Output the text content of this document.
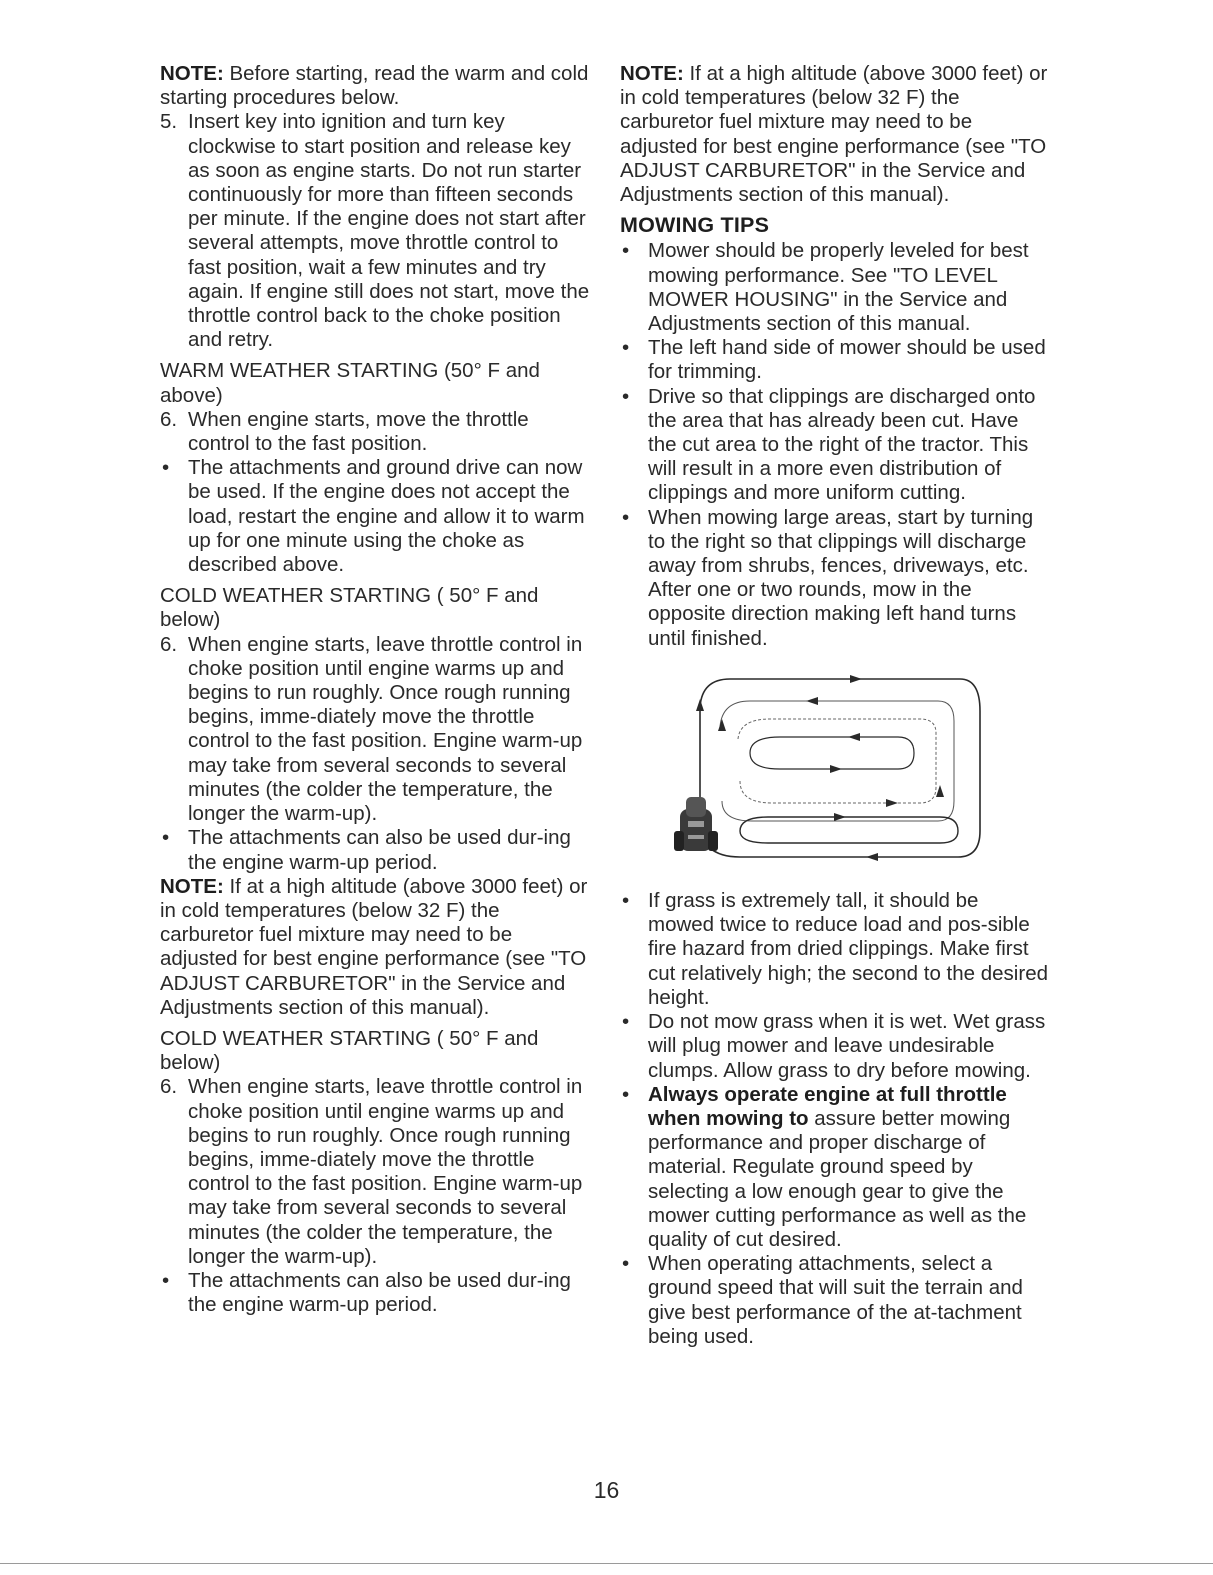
NOTE: Before starting, read the warm and cold starting procedures below.

5. Insert key into ignition and turn key clockwise to start position and release key as soon as engine starts. Do not run starter continuously for more than fifteen seconds per minute. If the engine does not start after several attempts, move throttle control to fast position, wait a few minutes and try again. If engine still does not start, move the throttle control back to the choke position and retry.

WARM WEATHER STARTING (50° F and above)

6. When engine starts, move the throttle control to the fast position.
• The attachments and ground drive can now be used. If the engine does not accept the load, restart the engine and allow it to warm up for one minute using the choke as described above.

COLD WEATHER STARTING ( 50° F and below)

6. When engine starts, leave throttle control in choke position until engine warms up and begins to run roughly. Once rough running begins, imme-diately move the throttle control to the fast position. Engine warm-up may take from several seconds to several minutes (the colder the temperature, the longer the warm-up).
• The attachments can also be used dur-ing the engine warm-up period.

NOTE: If at a high altitude (above 3000 feet) or in cold temperatures (below 32 F) the carburetor fuel mixture may need to be adjusted for best engine performance (see "TO ADJUST CARBURETOR" in the Service and Adjustments section of this manual).

COLD WEATHER STARTING ( 50° F and below)

6. When engine starts, leave throttle control in choke position until engine warms up and begins to run roughly. Once rough running begins, imme-diately move the throttle control to the fast position. Engine warm-up may take from several seconds to several minutes (the colder the temperature, the longer the warm-up).
• The attachments can also be used dur-ing the engine warm-up period.

NOTE: If at a high altitude (above 3000 feet) or in cold temperatures (below 32 F) the carburetor fuel mixture may need to be adjusted for best engine performance (see "TO ADJUST CARBURETOR" in the Service and Adjustments section of this manual).

MOWING TIPS
• Mower should be properly leveled for best mowing performance. See "TO LEVEL MOWER HOUSING" in the Service and Adjustments section of this manual.
• The left hand side of mower should be used for trimming.
• Drive so that clippings are discharged onto the area that has already been cut. Have the cut area to the right of the tractor. This will result in a more even distribution of clippings and more uniform cutting.
• When mowing large areas, start by turning to the right so that clippings will discharge away from shrubs, fences, driveways, etc. After one or two rounds, mow in the opposite direction making left hand turns until finished.
• If grass is extremely tall, it should be mowed twice to reduce load and pos-sible fire hazard from dried clippings. Make first cut relatively high; the second to the desired height.
• Do not mow grass when it is wet. Wet grass will plug mower and leave undesirable clumps. Allow grass to dry before mowing.
• Always operate engine at full throttle when mowing to assure better mowing performance and proper discharge of material. Regulate ground speed by selecting a low enough gear to give the mower cutting performance as well as the quality of cut desired.
• When operating attachments, select a ground speed that will suit the terrain and give best performance of the at-tachment being used.
16
